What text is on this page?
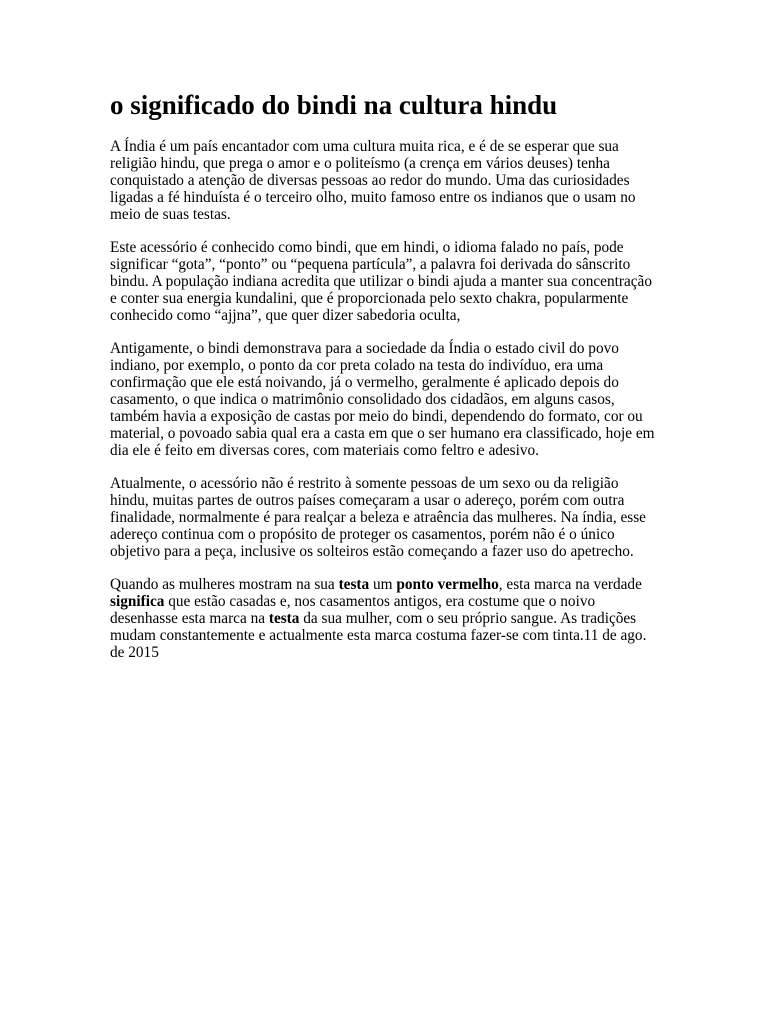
o significado do bindi na cultura hindu

A Índia é um país encantador com uma cultura muita rica, e é de se esperar que sua religião hindu, que prega o amor e o politeísmo (a crença em vários deuses) tenha conquistado a atenção de diversas pessoas ao redor do mundo. Uma das curiosidades ligadas a fé hinduísta é o terceiro olho, muito famoso entre os indianos que o usam no meio de suas testas.

Este acessório é conhecido como bindi, que em hindi, o idioma falado no país, pode significar “gota”, “ponto” ou “pequena partícula”, a palavra foi derivada do sânscrito bindu. A população indiana acredita que utilizar o bindi ajuda a manter sua concentração e conter sua energia kundalini, que é proporcionada pelo sexto chakra, popularmente conhecido como “ajjna”, que quer dizer sabedoria oculta,

Antigamente, o bindi demonstrava para a sociedade da Índia o estado civil do povo indiano, por exemplo, o ponto da cor preta colado na testa do indivíduo, era uma confirmação que ele está noivando, já o vermelho, geralmente é aplicado depois do casamento, o que indica o matrimônio consolidado dos cidadãos, em alguns casos, também havia a exposição de castas por meio do bindi, dependendo do formato, cor ou material, o povoado sabia qual era a casta em que o ser humano era classificado, hoje em dia ele é feito em diversas cores, com materiais como feltro e adesivo.

Atualmente, o acessório não é restrito à somente pessoas de um sexo ou da religião hindu, muitas partes de outros países começaram a usar o adereço, porém com outra finalidade, normalmente é para realçar a beleza e atraência das mulheres. Na índia, esse adereço continua com o propósito de proteger os casamentos, porém não é o único objetivo para a peça, inclusive os solteiros estão começando a fazer uso do apetrecho.

Quando as mulheres mostram na sua testa um ponto vermelho, esta marca na verdade significa que estão casadas e, nos casamentos antigos, era costume que o noivo desenhasse esta marca na testa da sua mulher, com o seu próprio sangue. As tradições mudam constantemente e actualmente esta marca costuma fazer-se com tinta.11 de ago. de 2015
